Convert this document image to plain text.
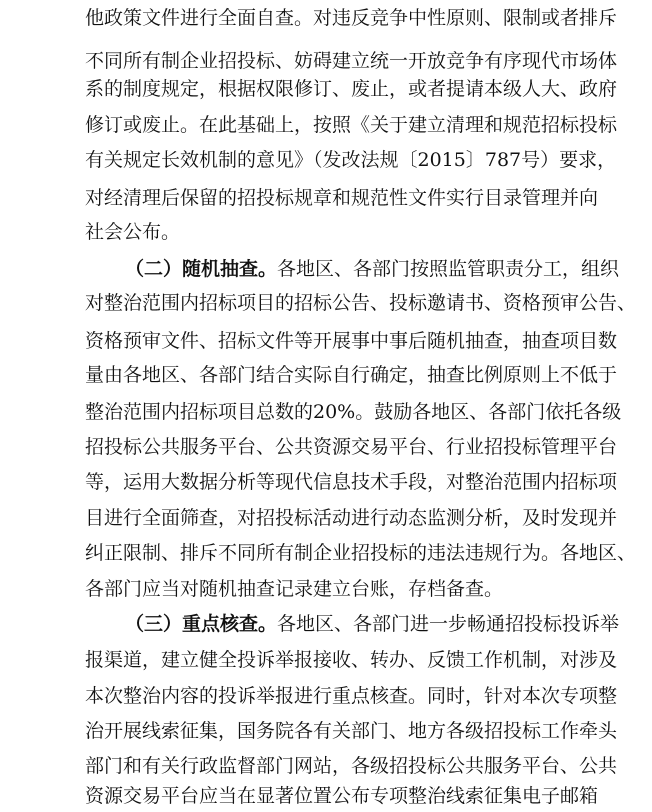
他政策文件进行全面自查。对违反竞争中性原则、限制或者排斥
不同所有制企业招投标、妨碍建立统一开放竞争有序现代市场体
系的制度规定，根据权限修订、废止，或者提请本级人大、政府
修订或废止。在此基础上，按照《关于建立清理和规范招标投标
有关规定长效机制的意见》（发改法规〔2015〕787号）要求，
对经清理后保留的招投标规章和规范性文件实行目录管理并向
社会公布。
（二）随机抽查。各地区、各部门按照监管职责分工，组织
对整治范围内招标项目的招标公告、投标邀请书、资格预审公告、
资格预审文件、招标文件等开展事中事后随机抽查，抽查项目数
量由各地区、各部门结合实际自行确定，抽查比例原则上不低于
整治范围内招标项目总数的20%。鼓励各地区、各部门依托各级
招投标公共服务平台、公共资源交易平台、行业招投标管理平台
等，运用大数据分析等现代信息技术手段，对整治范围内招标项
目进行全面筛查，对招投标活动进行动态监测分析，及时发现并
纠正限制、排斥不同所有制企业招投标的违法违规行为。各地区、
各部门应当对随机抽查记录建立台账，存档备查。
（三）重点核查。各地区、各部门进一步畅通招投标投诉举
报渠道，建立健全投诉举报接收、转办、反馈工作机制，对涉及
本次整治内容的投诉举报进行重点核查。同时，针对本次专项整
治开展线索征集，国务院各有关部门、地方各级招投标工作牵头
部门和有关行政监督部门网站，各级招投标公共服务平台、公共
资源交易平台应当在显著位置公布专项整治线索征集电子邮箱
